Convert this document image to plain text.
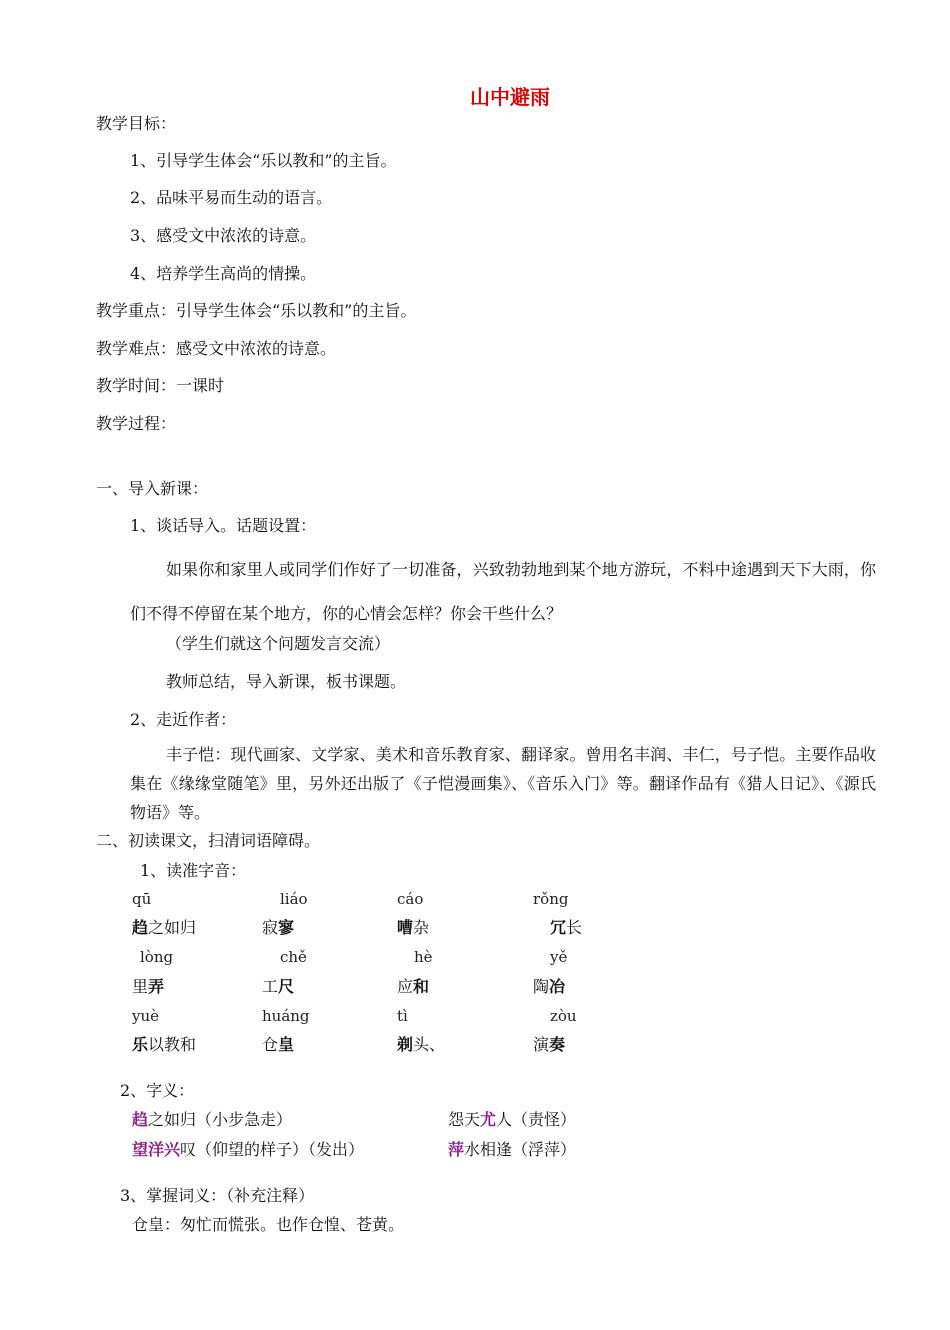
山中避雨
教学目标：
1、引导学生体会“乐以教和”的主旨。
2、品味平易而生动的语言。
3、感受文中浓浓的诗意。
4、培养学生高尚的情操。
教学重点：引导学生体会“乐以教和”的主旨。
教学难点：感受文中浓浓的诗意。
教学时间：一课时
教学过程：
一、导入新课：
1、谈话导入。话题设置：
如果你和家里人或同学们作好了一切准备，兴致勃勃地到某个地方游玩，不料中途遇到天下大雨，你们不得不停留在某个地方，你的心情会怎样？你会干些什么？
（学生们就这个问题发言交流）
教师总结，导入新课，板书课题。
2、走近作者：
丰子恺：现代画家、文学家、美术和音乐教育家、翻译家。曾用名丰润、丰仁，号子恺。主要作品收集在《缘缘堂随笔》里，另外还出版了《子恺漫画集》、《音乐入门》等。翻译作品有《猎人日记》、《源氏物语》等。
二、初读课文，扫清词语障碍。
1、读准字音：
qū
趋之如归
liáo
寂寥
cáo
嘈杂
rǒng
冗长
lòng
里弄
chě
工尺
hè
应和
yě
陶冶
yuè
乐以教和
huáng
仓皇
tì
剃头、
zòu
演奏
2、字义：
趋之如归（小步急走）	怨天尤人（责怪）
望洋兴叹（仰望的样子）（发出）	萍水相逢（浮萍）
3、掌握词义：（补充注释）
仓皇：匆忙而慌张。也作仓惶、苍黄。
